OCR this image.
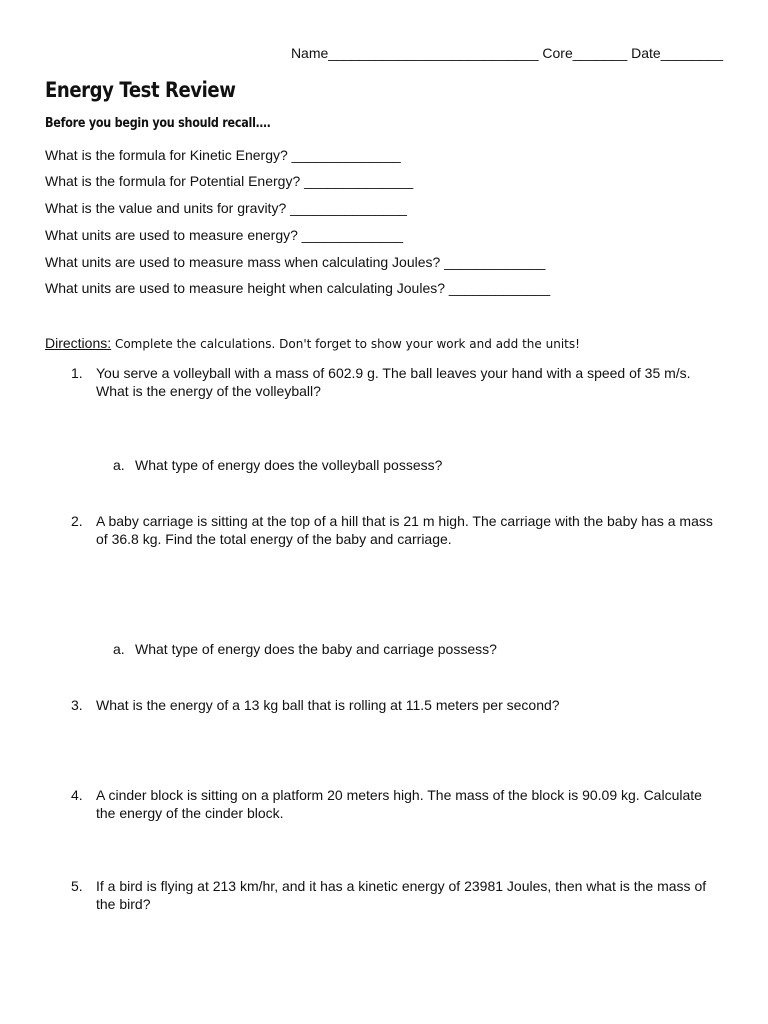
Name___________________________ Core_______ Date________
Energy Test Review
Before you begin you should recall….
What is the formula for Kinetic Energy? ______________
What is the formula for Potential Energy? ______________
What is the value and units for gravity? _______________
What units are used to measure energy? _____________
What units are used to measure mass when calculating Joules? _____________
What units are used to measure height when calculating Joules? _____________
Directions: Complete the calculations. Don't forget to show your work and add the units!
1. You serve a volleyball with a mass of 602.9 g. The ball leaves your hand with a speed of 35 m/s. What is the energy of the volleyball?
a. What type of energy does the volleyball possess?
2. A baby carriage is sitting at the top of a hill that is 21 m high. The carriage with the baby has a mass of 36.8 kg. Find the total energy of the baby and carriage.
a. What type of energy does the baby and carriage possess?
3. What is the energy of a 13 kg ball that is rolling at 11.5 meters per second?
4. A cinder block is sitting on a platform 20 meters high. The mass of the block is 90.09 kg. Calculate the energy of the cinder block.
5. If a bird is flying at 213 km/hr, and it has a kinetic energy of 23981 Joules, then what is the mass of the bird?
